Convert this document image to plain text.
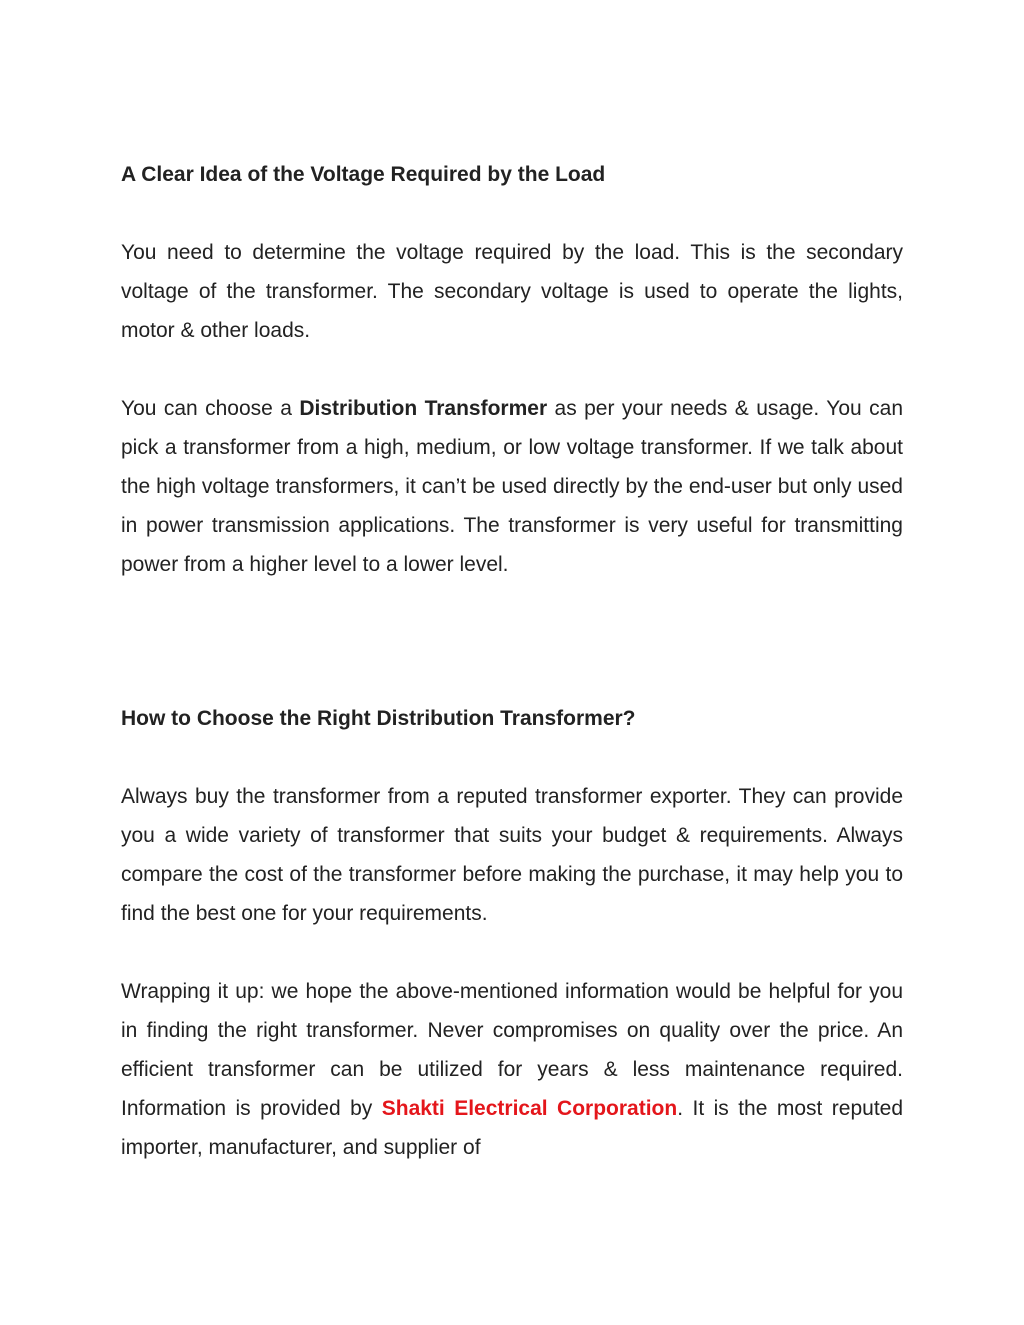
A Clear Idea of the Voltage Required by the Load

You need to determine the voltage required by the load. This is the secondary voltage of the transformer. The secondary voltage is used to operate the lights, motor & other loads.

You can choose a Distribution Transformer as per your needs & usage. You can pick a transformer from a high, medium, or low voltage transformer. If we talk about the high voltage transformers, it can’t be used directly by the end-user but only used in power transmission applications. The transformer is very useful for transmitting power from a higher level to a lower level.

How to Choose the Right Distribution Transformer?

Always buy the transformer from a reputed transformer exporter. They can provide you a wide variety of transformer that suits your budget & requirements. Always compare the cost of the transformer before making the purchase, it may help you to find the best one for your requirements.

Wrapping it up: we hope the above-mentioned information would be helpful for you in finding the right transformer. Never compromises on quality over the price. An efficient transformer can be utilized for years & less maintenance required. Information is provided by Shakti Electrical Corporation. It is the most reputed importer, manufacturer, and supplier of
